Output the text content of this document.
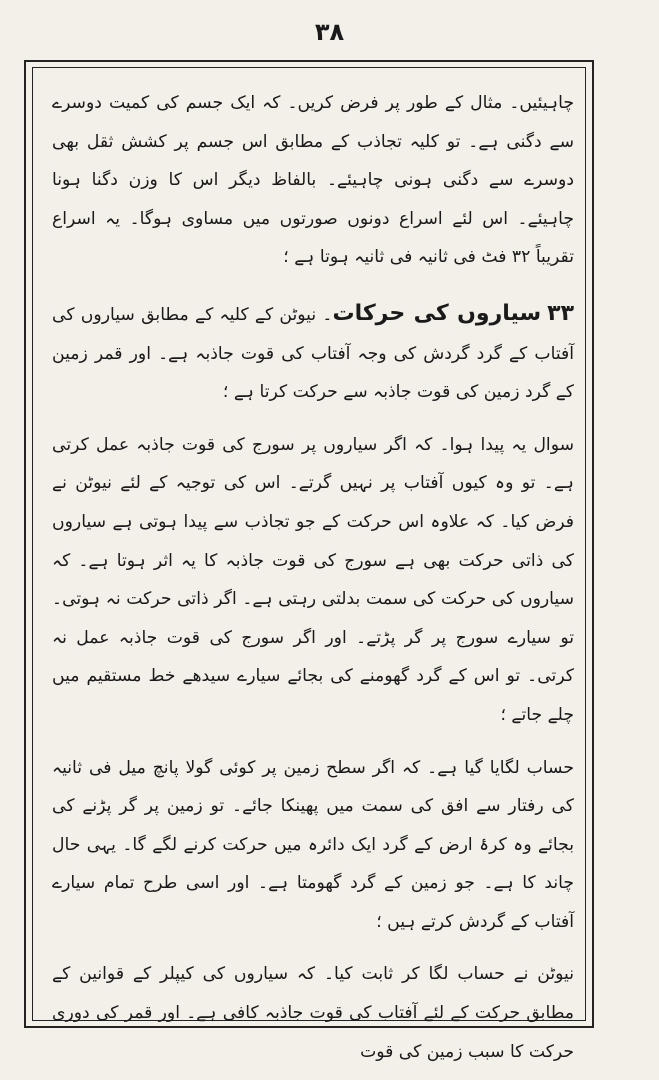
۳۸

چاہیئیں۔ مثال کے طور پر فرض کریں۔ کہ ایک جسم کی کمیت دوسرے سے دگنی ہے۔ تو کلیہ تجاذب کے مطابق اس جسم پر کشش ثقل بھی دوسرے سے دگنی ہونی چاہیئے۔ بالفاظ دیگر اس کا وزن دگنا ہونا چاہیئے۔ اس لئے اسراع دونوں صورتوں میں مساوی ہوگا۔ یہ اسراع تقریباً ۳۲ فٹ فی ثانیہ فی ثانیہ ہوتا ہے ؛

۳۳سیاروں کی حرکات۔ نیوٹن کے کلیہ کے مطابق سیاروں کی آفتاب کے گرد گردش کی وجہ آفتاب کی قوت جاذبہ ہے۔ اور قمر زمین کے گرد زمین کی قوت جاذبہ سے حرکت کرتا ہے ؛

سوال یہ پیدا ہوا۔ کہ اگر سیاروں پر سورج کی قوت جاذبہ عمل کرتی ہے۔ تو وہ کیوں آفتاب پر نہیں گرتے۔ اس کی توجیہ کے لئے نیوٹن نے فرض کیا۔ کہ علاوہ اس حرکت کے جو تجاذب سے پیدا ہوتی ہے سیاروں کی ذاتی حرکت بھی ہے سورج کی قوت جاذبہ کا یہ اثر ہوتا ہے۔ کہ سیاروں کی حرکت کی سمت بدلتی رہتی ہے۔ اگر ذاتی حرکت نہ ہوتی۔ تو سیارے سورج پر گر پڑتے۔ اور اگر سورج کی قوت جاذبہ عمل نہ کرتی۔ تو اس کے گرد گھومنے کی بجائے سیارے سیدھے خط مستقیم میں چلے جاتے ؛

حساب لگایا گیا ہے۔ کہ اگر سطح زمین پر کوئی گولا پانچ میل فی ثانیہ کی رفتار سے افق کی سمت میں پھینکا جائے۔ تو زمین پر گر پڑنے کی بجائے وہ کرۂ ارض کے گرد ایک دائرہ میں حرکت کرنے لگے گا۔ یہی حال چاند کا ہے۔ جو زمین کے گرد گھومتا ہے۔ اور اسی طرح تمام سیارے آفتاب کے گردش کرتے ہیں ؛

نیوٹن نے حساب لگا کر ثابت کیا۔ کہ سیاروں کی کیپلر کے قوانین کے مطابق حرکت کے لئے آفتاب کی قوت جاذبہ کافی ہے۔ اور قمر کی دوری حرکت کا سبب زمین کی قوت
